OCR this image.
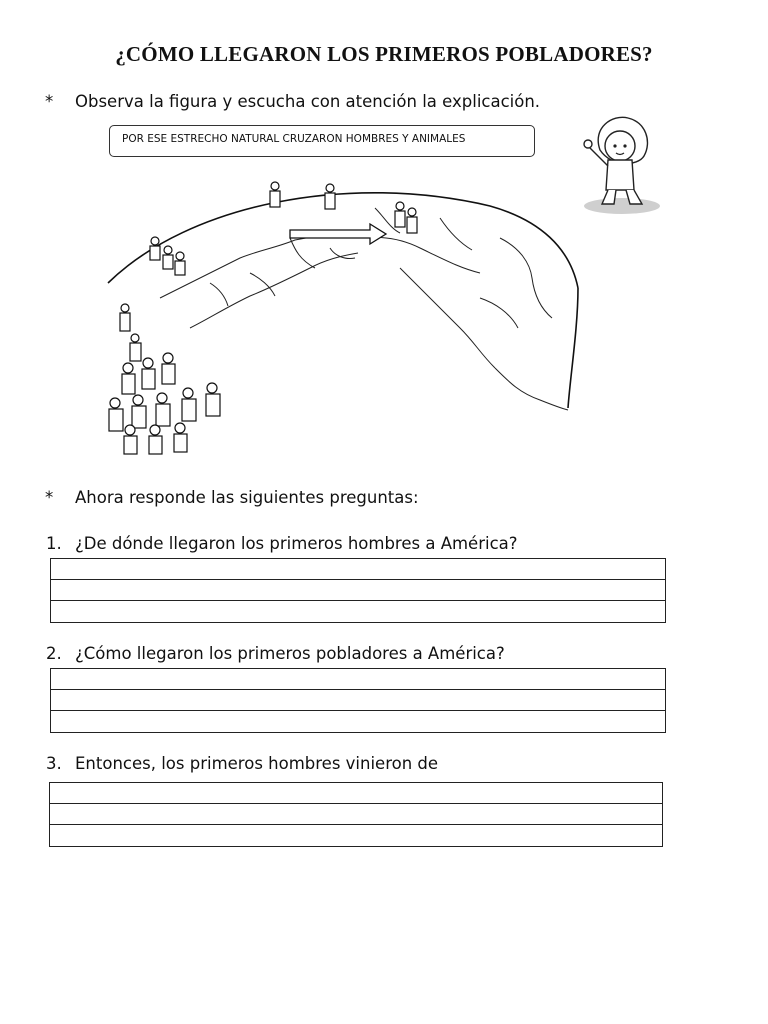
¿CÓMO LLEGARON LOS PRIMEROS POBLADORES?
* Observa la figura y escucha con atención la explicación.
POR ESE ESTRECHO NATURAL CRUZARON HOMBRES Y ANIMALES
* Ahora responde las siguientes preguntas:
1. ¿De dónde llegaron los primeros hombres a América?
2. ¿Cómo llegaron los primeros pobladores a América?
3. Entonces, los primeros hombres vinieron de
